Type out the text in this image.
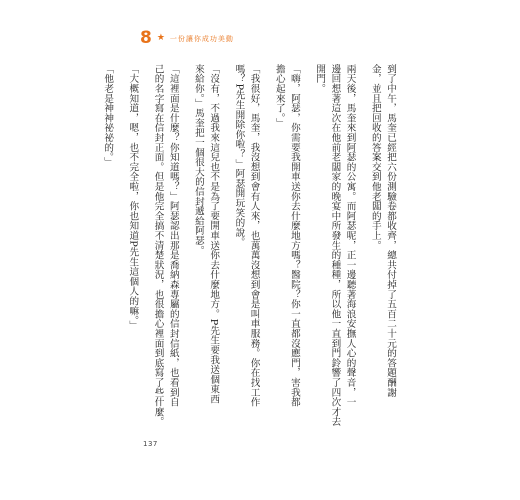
8 ★ 一份讓你成功美動
到了中午，馬奎已經把六份測驗卷都收齊，總共付掉了五百二十元的答題酬謝
金，並且把回收的答案交到他老闆的手上。
兩天後，馬奎來到阿瑟的公寓。而阿瑟呢，正一邊聽著海浪安撫人心的聲音，一
邊回想著這次在他前老闆家的晚宴中所發生的種種，所以他一直到門鈴響了四次才去
開門。
「嗨，阿瑟，你需要我開車送你去什麼地方嗎？醫院？你一直都沒應門，害我都
擔心起來了。」
「我很好，馬奎，我沒想到會有人來，也萬萬沒想到會是叫車服務。你在找工作
嗎？P先生開除你啦？」阿瑟開玩笑的說。
「沒有，不過我來這兒也不是為了要開車送你去什麼地方。P先生要我送個東西
來給你。」馬奎把一個很大的信封遞給阿瑟。
「這裡面是什麼？你知道嗎？」阿瑟認出那是喬納森專屬的信封信紙，也看到自
己的名字寫在信封正面。但是他完全搞不清楚狀況，也很擔心裡面到底寫了些什麼。
「大概知道，嗯，也不完全啦，你也知道P先生這個人的嘛。」
「他老是神神祕祕的。」
137
